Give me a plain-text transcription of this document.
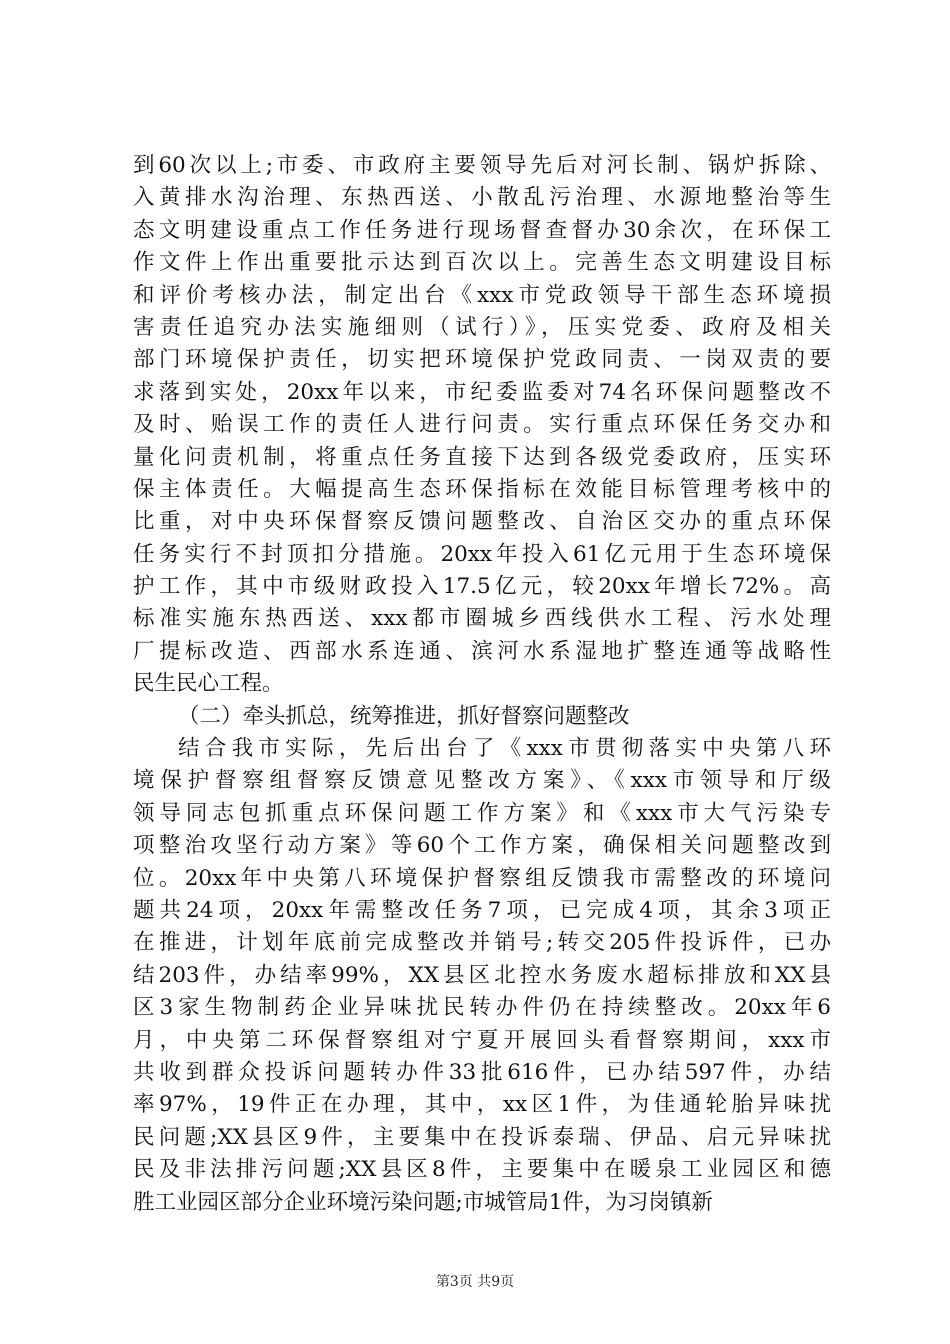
到60次以上;市委、市政府主要领导先后对河长制、锅炉拆除、
入黄排水沟治理、东热西送、小散乱污治理、水源地整治等生
态文明建设重点工作任务进行现场督查督办30余次，在环保工
作文件上作出重要批示达到百次以上。完善生态文明建设目标
和评价考核办法，制定出台《xxx市党政领导干部生态环境损
害责任追究办法实施细则（试行）》，压实党委、政府及相关
部门环境保护责任，切实把环境保护党政同责、一岗双责的要
求落到实处，20xx年以来，市纪委监委对74名环保问题整改不
及时、贻误工作的责任人进行问责。实行重点环保任务交办和
量化问责机制，将重点任务直接下达到各级党委政府，压实环
保主体责任。大幅提高生态环保指标在效能目标管理考核中的
比重，对中央环保督察反馈问题整改、自治区交办的重点环保
任务实行不封顶扣分措施。20xx年投入61亿元用于生态环境保
护工作，其中市级财政投入17.5亿元，较20xx年增长72%。高
标准实施东热西送、xxx都市圈城乡西线供水工程、污水处理
厂提标改造、西部水系连通、滨河水系湿地扩整连通等战略性
民生民心工程。
（二）牵头抓总，统筹推进，抓好督察问题整改
结合我市实际，先后出台了《xxx市贯彻落实中央第八环
境保护督察组督察反馈意见整改方案》、《xxx市领导和厅级
领导同志包抓重点环保问题工作方案》和《xxx市大气污染专
项整治攻坚行动方案》等60个工作方案，确保相关问题整改到
位。20xx年中央第八环境保护督察组反馈我市需整改的环境问
题共24项，20xx年需整改任务7项，已完成4项，其余3项正
在推进，计划年底前完成整改并销号;转交205件投诉件，已办
结203件，办结率99%，XX县区北控水务废水超标排放和XX县
区3家生物制药企业异味扰民转办件仍在持续整改。20xx年6
月，中央第二环保督察组对宁夏开展回头看督察期间，xxx市
共收到群众投诉问题转办件33批616件，已办结597件，办结
率97%，19件正在办理，其中，xx区1件，为佳通轮胎异味扰
民问题;XX县区9件，主要集中在投诉泰瑞、伊品、启元异味扰
民及非法排污问题;XX县区8件，主要集中在暖泉工业园区和德
胜工业园区部分企业环境污染问题;市城管局1件，为习岗镇新
第3页 共9页
